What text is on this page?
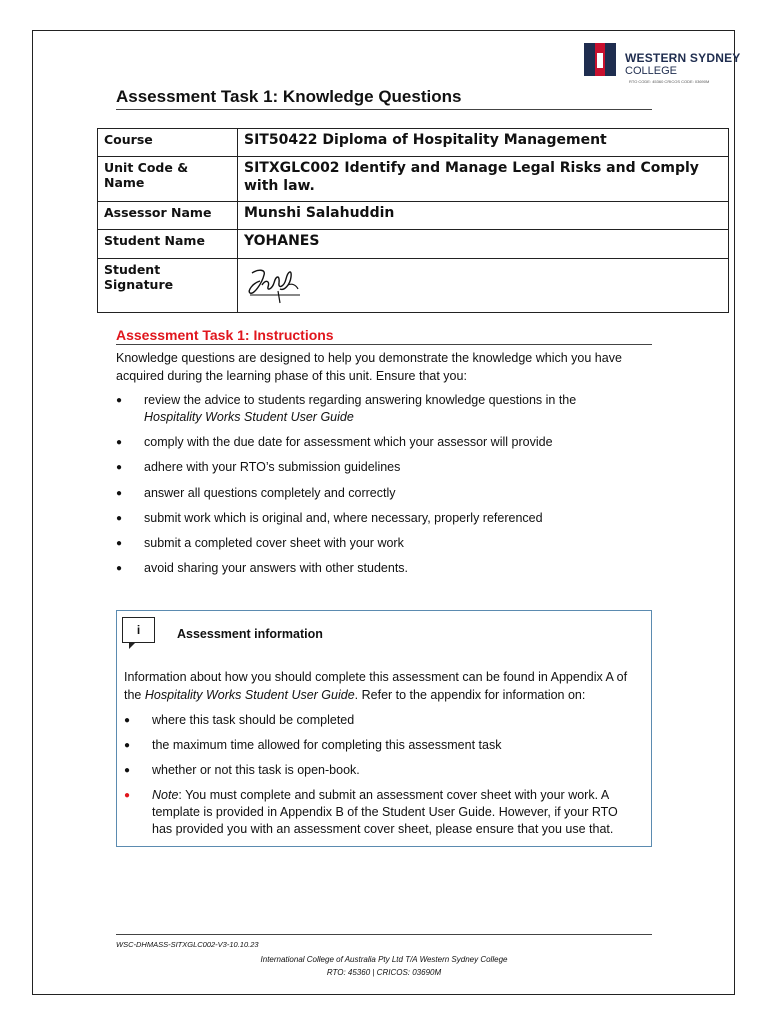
WESTERN SYDNEY
COLLEGE
RTO CODE: 45360 CRICOS CODE: 03690M
Assessment Task 1: Knowledge Questions
Course	SIT50422 Diploma of Hospitality Management
Unit Code & Name	SITXGLC002 Identify and Manage Legal Risks and Comply with law.
Assessor Name	Munshi Salahuddin
Student Name	YOHANES
Student Signature	
Assessment Task 1: Instructions

Knowledge questions are designed to help you demonstrate the knowledge which you have acquired during the learning phase of this unit. Ensure that you:

● review the advice to students regarding answering knowledge questions in the
Hospitality Works Student User Guide
● comply with the due date for assessment which your assessor will provide
● adhere with your RTO’s submission guidelines
● answer all questions completely and correctly
● submit work which is original and, where necessary, properly referenced
● submit a completed cover sheet with your work
● avoid sharing your answers with other students.
i	Assessment information

Information about how you should complete this assessment can be found in Appendix A of the Hospitality Works Student User Guide. Refer to the appendix for information on:

● where this task should be completed
● the maximum time allowed for completing this assessment task
● whether or not this task is open-book.
● Note: You must complete and submit an assessment cover sheet with your work. A
template is provided in Appendix B of the Student User Guide. However, if your RTO
has provided you with an assessment cover sheet, please ensure that you use that.
WSC-DHMASS-SITXGLC002-V3-10.10.23
International College of Australia Pty Ltd T/A Western Sydney College
RTO: 45360 | CRICOS: 03690M
